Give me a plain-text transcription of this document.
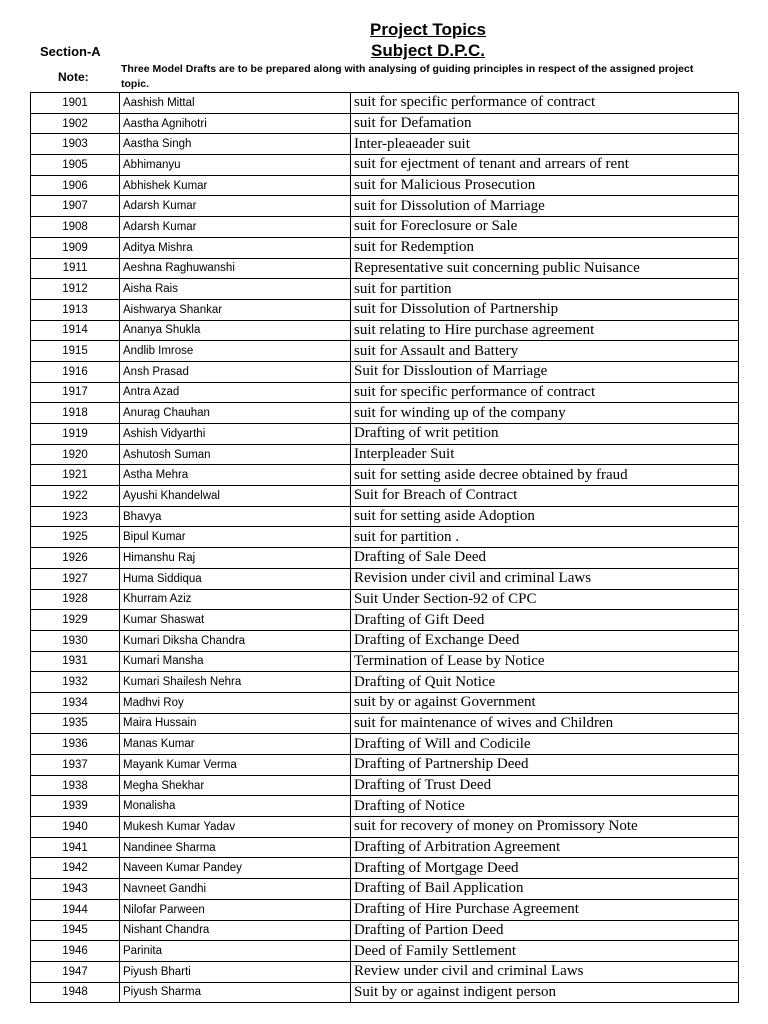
Project Topics
Subject D.P.C.
Section-A
Note:
Three Model Drafts are to be prepared along with analysing of guiding principles in respect of the assigned project topic.
1901	Aashish Mittal	suit for specific performance of contract
1902	Aastha Agnihotri	suit for Defamation
1903	Aastha Singh	Inter-pleaeader suit
1905	Abhimanyu	suit for ejectment of tenant and arrears of rent
1906	Abhishek Kumar	suit for Malicious Prosecution
1907	Adarsh Kumar	suit for Dissolution of Marriage
1908	Adarsh Kumar	suit for Foreclosure or Sale
1909	Aditya Mishra	suit for Redemption
1911	Aeshna Raghuwanshi	Representative suit concerning public Nuisance
1912	Aisha Rais	suit for partition
1913	Aishwarya Shankar	suit for Dissolution of Partnership
1914	Ananya Shukla	suit relating to Hire purchase agreement
1915	Andlib Imrose	suit for Assault and Battery
1916	Ansh Prasad	Suit for Dissloution of Marriage
1917	Antra Azad	suit for specific performance of contract
1918	Anurag Chauhan	suit for winding up of the company
1919	Ashish Vidyarthi	Drafting of writ petition
1920	Ashutosh Suman	Interpleader Suit
1921	Astha Mehra	suit for setting aside decree obtained by fraud
1922	Ayushi Khandelwal	Suit for Breach of Contract
1923	Bhavya	suit for setting aside Adoption
1925	Bipul Kumar	suit for partition .
1926	Himanshu Raj	Drafting of Sale Deed
1927	Huma Siddiqua	Revision under civil and criminal Laws
1928	Khurram Aziz	Suit Under Section-92 of CPC
1929	Kumar Shaswat	Drafting of Gift Deed
1930	Kumari Diksha Chandra	Drafting of Exchange Deed
1931	Kumari Mansha	Termination of Lease by Notice
1932	Kumari Shailesh Nehra	Drafting of Quit Notice
1934	Madhvi Roy	suit by or against Government
1935	Maira Hussain	suit for maintenance of wives and Children
1936	Manas Kumar	Drafting of Will and Codicile
1937	Mayank Kumar Verma	Drafting of Partnership Deed
1938	Megha Shekhar	Drafting of Trust Deed
1939	Monalisha	Drafting of Notice
1940	Mukesh Kumar Yadav	suit for recovery of money on Promissory Note
1941	Nandinee Sharma	Drafting of Arbitration Agreement
1942	Naveen Kumar Pandey	Drafting of Mortgage Deed
1943	Navneet Gandhi	Drafting of Bail Application
1944	Nilofar Parween	Drafting of Hire Purchase Agreement
1945	Nishant Chandra	Drafting of Partion Deed
1946	Parinita	Deed of Family Settlement
1947	Piyush Bharti	Review under civil and criminal Laws
1948	Piyush Sharma	Suit by or against indigent person
